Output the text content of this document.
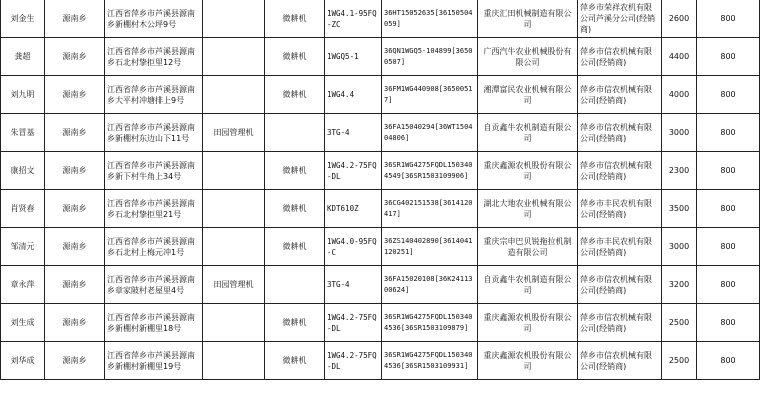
刘金生	源南乡	江西省萍乡市芦溪县源南乡新棚村木公坪9号		微耕机	1WG4.1-95FQ-ZC	36HT15052635[36150504059]	重庆汇田机械制造有限公司	萍乡市荣祥农机有限公司芦溪分公司(经销商)	2600	800
龚超	源南乡	江西省萍乡市芦溪县源南乡石北村挚拒里12号		微耕机	1WGQ5-1	36QN1WGQ5-104899[36500507]	广西汽牛农业机械股份有限公司	萍乡市信农机械有限公司(经销商)	4400	800
刘九明	源南乡	江西省萍乡市芦溪县源南乡大平村冲塘排上9号		微耕机	1WG4.4	36FM1WG440908[36500517]	湘潭富民农业机械有限公司	萍乡市信农机械有限公司(经销商)	4000	800
朱冒基	源南乡	江西省萍乡市芦溪县源南乡新棚村东边山下11号	田园管理机		3TG-4	36FA15040294[36WT150404806]	自贡鑫牛农机制造有限公司	萍乡市信农机械有限公司(经销商)	3000	800
康招文	源南乡	江西省萍乡市芦溪县源南乡新下村牛角上34号		微耕机	1WG4.2-75FQ-DL	36SR1WG4275FQDL1503404549[36SR1503109906]	重庆鑫源农机股份有限公司	萍乡市信农机械有限公司(经销商)	2300	800
肖贤春	源南乡	江西省萍乡市芦溪县源南乡石北村挚拒里21号		微耕机	KDT610Z	36CG402151538[3614120417]	湖北大地农业机械有限公司	萍乡市丰民农机有限公司(经销商)	3500	800
邹清元	源南乡	江西省萍乡市芦溪县源南乡石北村上梅元冲1号		微耕机	1WG4.0-95FQ-C	36ZS140402890[3614041120251]	重庆宗申巴贝锐拖拉机制造有限公司	萍乡市丰民农机有限公司(经销商)	3000	800
章永萍	源南乡	江西省萍乡市芦溪县源南乡章家陂村老屋里4号	田园管理机		3TG-4	36FA15020108[36K2411300624]	自贡鑫牛农机制造有限公司	萍乡市信农机械有限公司(经销商)	3200	800
刘生成	源南乡	江西省萍乡市芦溪县源南乡新棚村新棚里18号		微耕机	1WG4.2-75FQ-DL	36SR1WG4275FQDL1503404536[36SR1503109879]	重庆鑫源农机股份有限公司	萍乡市信农机械有限公司(经销商)	2500	800
刘华成	源南乡	江西省萍乡市芦溪县源南乡新棚村新棚里19号		微耕机	1WG4.2-75FQ-DL	36SR1WG4275FQDL1503404536[36SR1503109931]	重庆鑫源农机股份有限公司	萍乡市信农机械有限公司(经销商)	2500	800
